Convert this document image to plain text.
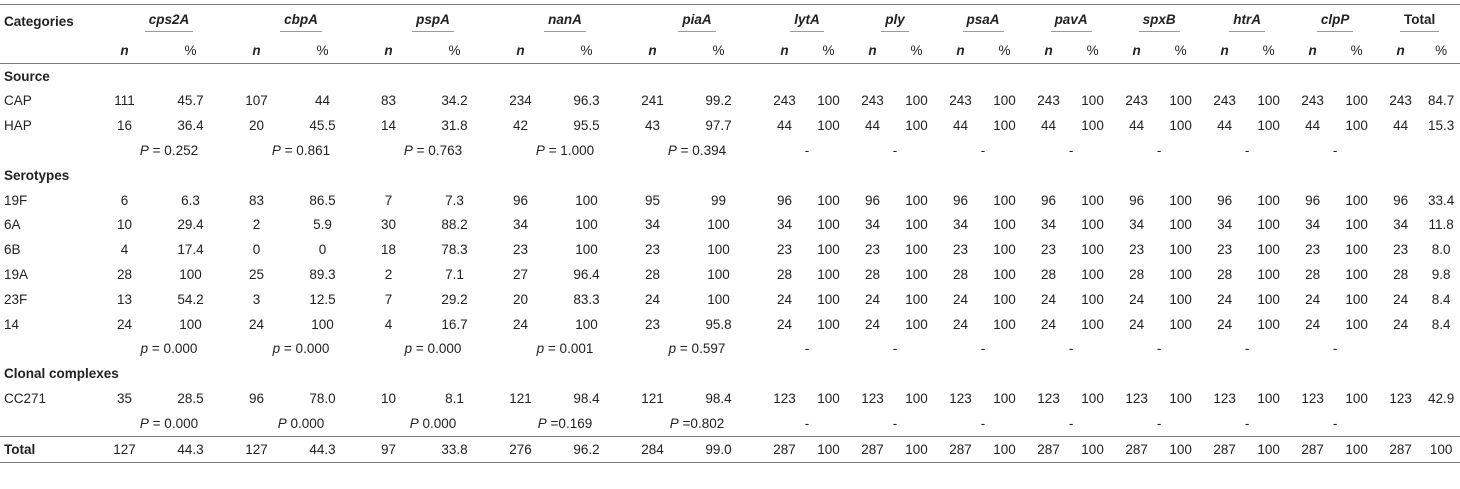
Categories	cps2A		cbpA		pspA		nanA		piaA		lytA		ply		psaA		pavA		spxB		htrA		clpP		Total	
	n	%	n	%	n	%	n	%	n	%	n	%	n	%	n	%	n	%	n	%	n	%	n	%	n	%
Source																										
CAP	111	45.7	107	44	83	34.2	234	96.3	241	99.2	243	100	243	100	243	100	243	100	243	100	243	100	243	100	243	84.7
HAP	16	36.4	20	45.5	14	31.8	42	95.5	43	97.7	44	100	44	100	44	100	44	100	44	100	44	100	44	100	44	15.3
	P = 0.252		P = 0.861		P = 0.763		P = 1.000		P = 0.394		-		-		-		-		-		-		-			
Serotypes																										
19F	6	6.3	83	86.5	7	7.3	96	100	95	99	96	100	96	100	96	100	96	100	96	100	96	100	96	100	96	33.4
6A	10	29.4	2	5.9	30	88.2	34	100	34	100	34	100	34	100	34	100	34	100	34	100	34	100	34	100	34	11.8
6B	4	17.4	0	0	18	78.3	23	100	23	100	23	100	23	100	23	100	23	100	23	100	23	100	23	100	23	8.0
19A	28	100	25	89.3	2	7.1	27	96.4	28	100	28	100	28	100	28	100	28	100	28	100	28	100	28	100	28	9.8
23F	13	54.2	3	12.5	7	29.2	20	83.3	24	100	24	100	24	100	24	100	24	100	24	100	24	100	24	100	24	8.4
14	24	100	24	100	4	16.7	24	100	23	95.8	24	100	24	100	24	100	24	100	24	100	24	100	24	100	24	8.4
	p = 0.000		p = 0.000		p = 0.000		p = 0.001		p = 0.597		-		-		-		-		-		-		-			
Clonal complexes																										
CC271	35	28.5	96	78.0	10	8.1	121	98.4	121	98.4	123	100	123	100	123	100	123	100	123	100	123	100	123	100	123	42.9
	P = 0.000		P 0.000		P 0.000		P =0.169		P =0.802		-		-		-		-		-		-		-			
Total	127	44.3	127	44.3	97	33.8	276	96.2	284	99.0	287	100	287	100	287	100	287	100	287	100	287	100	287	100	287	100
